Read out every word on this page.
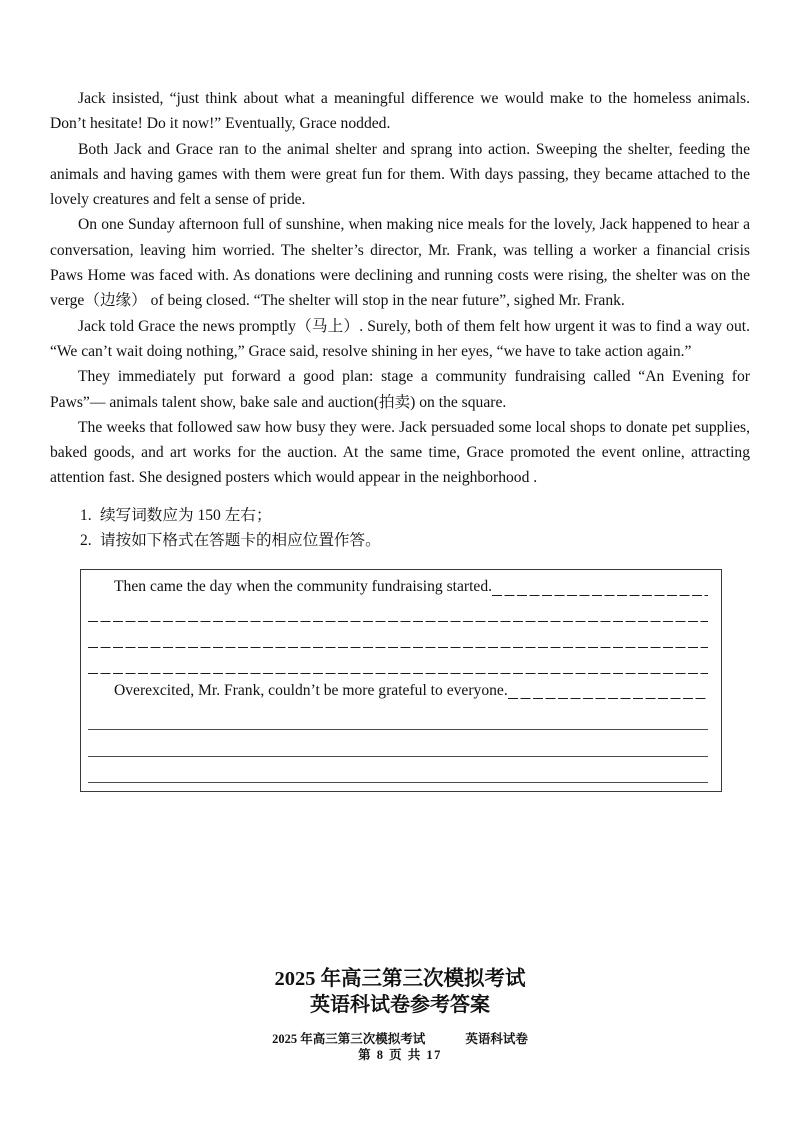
Jack insisted, “just think about what a meaningful difference we would make to the homeless animals. Don’t hesitate! Do it now!” Eventually, Grace nodded.

Both Jack and Grace ran to the animal shelter and sprang into action. Sweeping the shelter, feeding the animals and having games with them were great fun for them. With days passing, they became attached to the lovely creatures and felt a sense of pride.

On one Sunday afternoon full of sunshine, when making nice meals for the lovely, Jack happened to hear a conversation, leaving him worried. The shelter’s director, Mr. Frank, was telling a worker a financial crisis Paws Home was faced with. As donations were declining and running costs were rising, the shelter was on the verge（边缘） of being closed. “The shelter will stop in the near future”, sighed Mr. Frank.

Jack told Grace the news promptly（马上）. Surely, both of them felt how urgent it was to find a way out. “We can’t wait doing nothing,” Grace said, resolve shining in her eyes, “we have to take action again.”

They immediately put forward a good plan: stage a community fundraising called “An Evening for Paws”— animals talent show, bake sale and auction(拍卖) on the square.

The weeks that followed saw how busy they were. Jack persuaded some local shops to donate pet supplies, baked goods, and art works for the auction. At the same time, Grace promoted the event online, attracting attention fast. She designed posters which would appear in the neighborhood .

1. 续写词数应为 150 左右；
2. 请按如下格式在答题卡的相应位置作答。
Then came the day when the community fundraising started.
Overexcited, Mr. Frank, couldn’t be more grateful to everyone.
2025 年高三第三次模拟考试
英语科试卷参考答案
2025 年高三第三次模拟考试	英语科试卷
第 8 页 共 17
